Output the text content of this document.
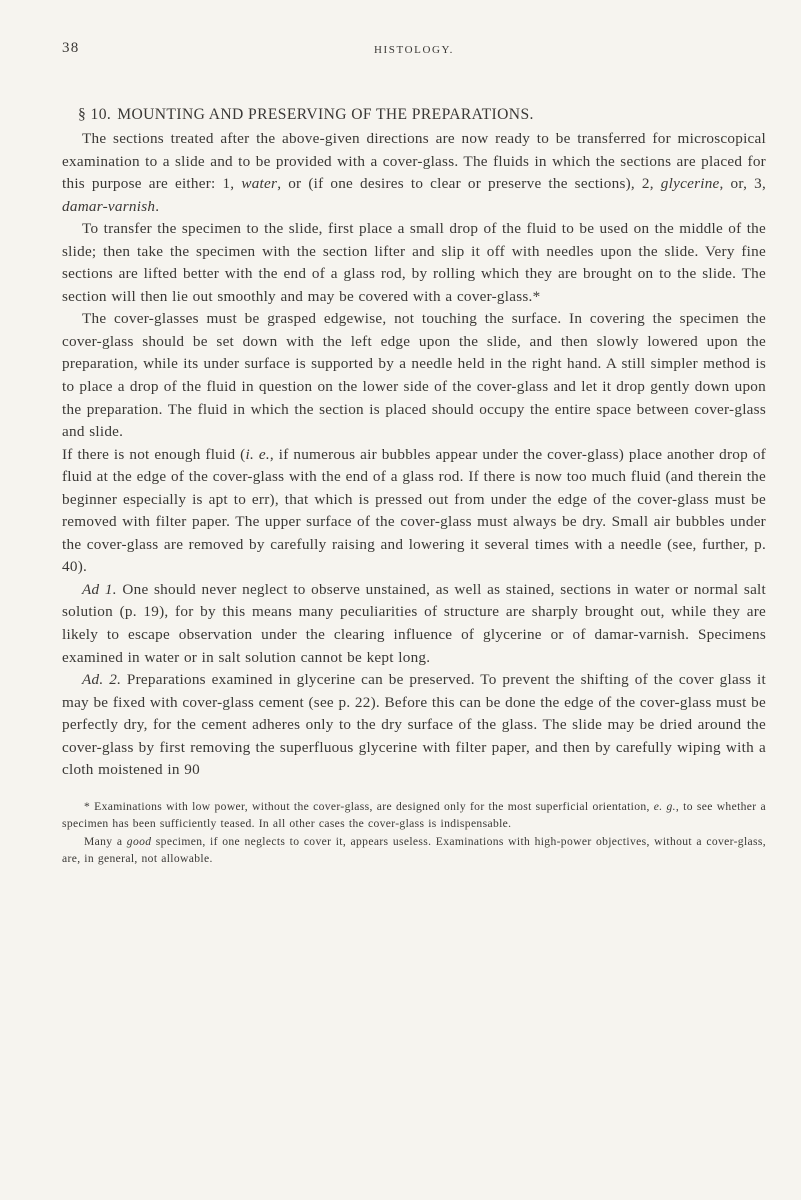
38	HISTOLOGY.
§ 10. MOUNTING AND PRESERVING OF THE PREPARATIONS.

The sections treated after the above-given directions are now ready to be transferred for microscopical examination to a slide and to be provided with a cover-glass. The fluids in which the sections are placed for this purpose are either: 1, water, or (if one desires to clear or preserve the sections), 2, glycerine, or, 3, damar-varnish.

To transfer the specimen to the slide, first place a small drop of the fluid to be used on the middle of the slide; then take the specimen with the section lifter and slip it off with needles upon the slide. Very fine sections are lifted better with the end of a glass rod, by rolling which they are brought on to the slide. The section will then lie out smoothly and may be covered with a cover-glass.*

The cover-glasses must be grasped edgewise, not touching the surface. In covering the specimen the cover-glass should be set down with the left edge upon the slide, and then slowly lowered upon the preparation, while its under surface is supported by a needle held in the right hand. A still simpler method is to place a drop of the fluid in question on the lower side of the cover-glass and let it drop gently down upon the preparation. The fluid in which the section is placed should occupy the entire space between cover-glass and slide.

If there is not enough fluid (i. e., if numerous air bubbles appear under the cover-glass) place another drop of fluid at the edge of the cover-glass with the end of a glass rod. If there is now too much fluid (and therein the beginner especially is apt to err), that which is pressed out from under the edge of the cover-glass must be removed with filter paper. The upper surface of the cover-glass must always be dry. Small air bubbles under the cover-glass are removed by carefully raising and lowering it several times with a needle (see, further, p. 40).

Ad 1. One should never neglect to observe unstained, as well as stained, sections in water or normal salt solution (p. 19), for by this means many peculiarities of structure are sharply brought out, while they are likely to escape observation under the clearing influence of glycerine or of damar-varnish. Specimens examined in water or in salt solution cannot be kept long.

Ad. 2. Preparations examined in glycerine can be preserved. To prevent the shifting of the cover glass it may be fixed with cover-glass cement (see p. 22). Before this can be done the edge of the cover-glass must be perfectly dry, for the cement adheres only to the dry surface of the glass. The slide may be dried around the cover-glass by first removing the superfluous glycerine with filter paper, and then by carefully wiping with a cloth moistened in 90

* Examinations with low power, without the cover-glass, are designed only for the most superficial orientation, e. g., to see whether a specimen has been sufficiently teased. In all other cases the cover-glass is indispensable.

Many a good specimen, if one neglects to cover it, appears useless. Examinations with high-power objectives, without a cover-glass, are, in general, not allowable.
